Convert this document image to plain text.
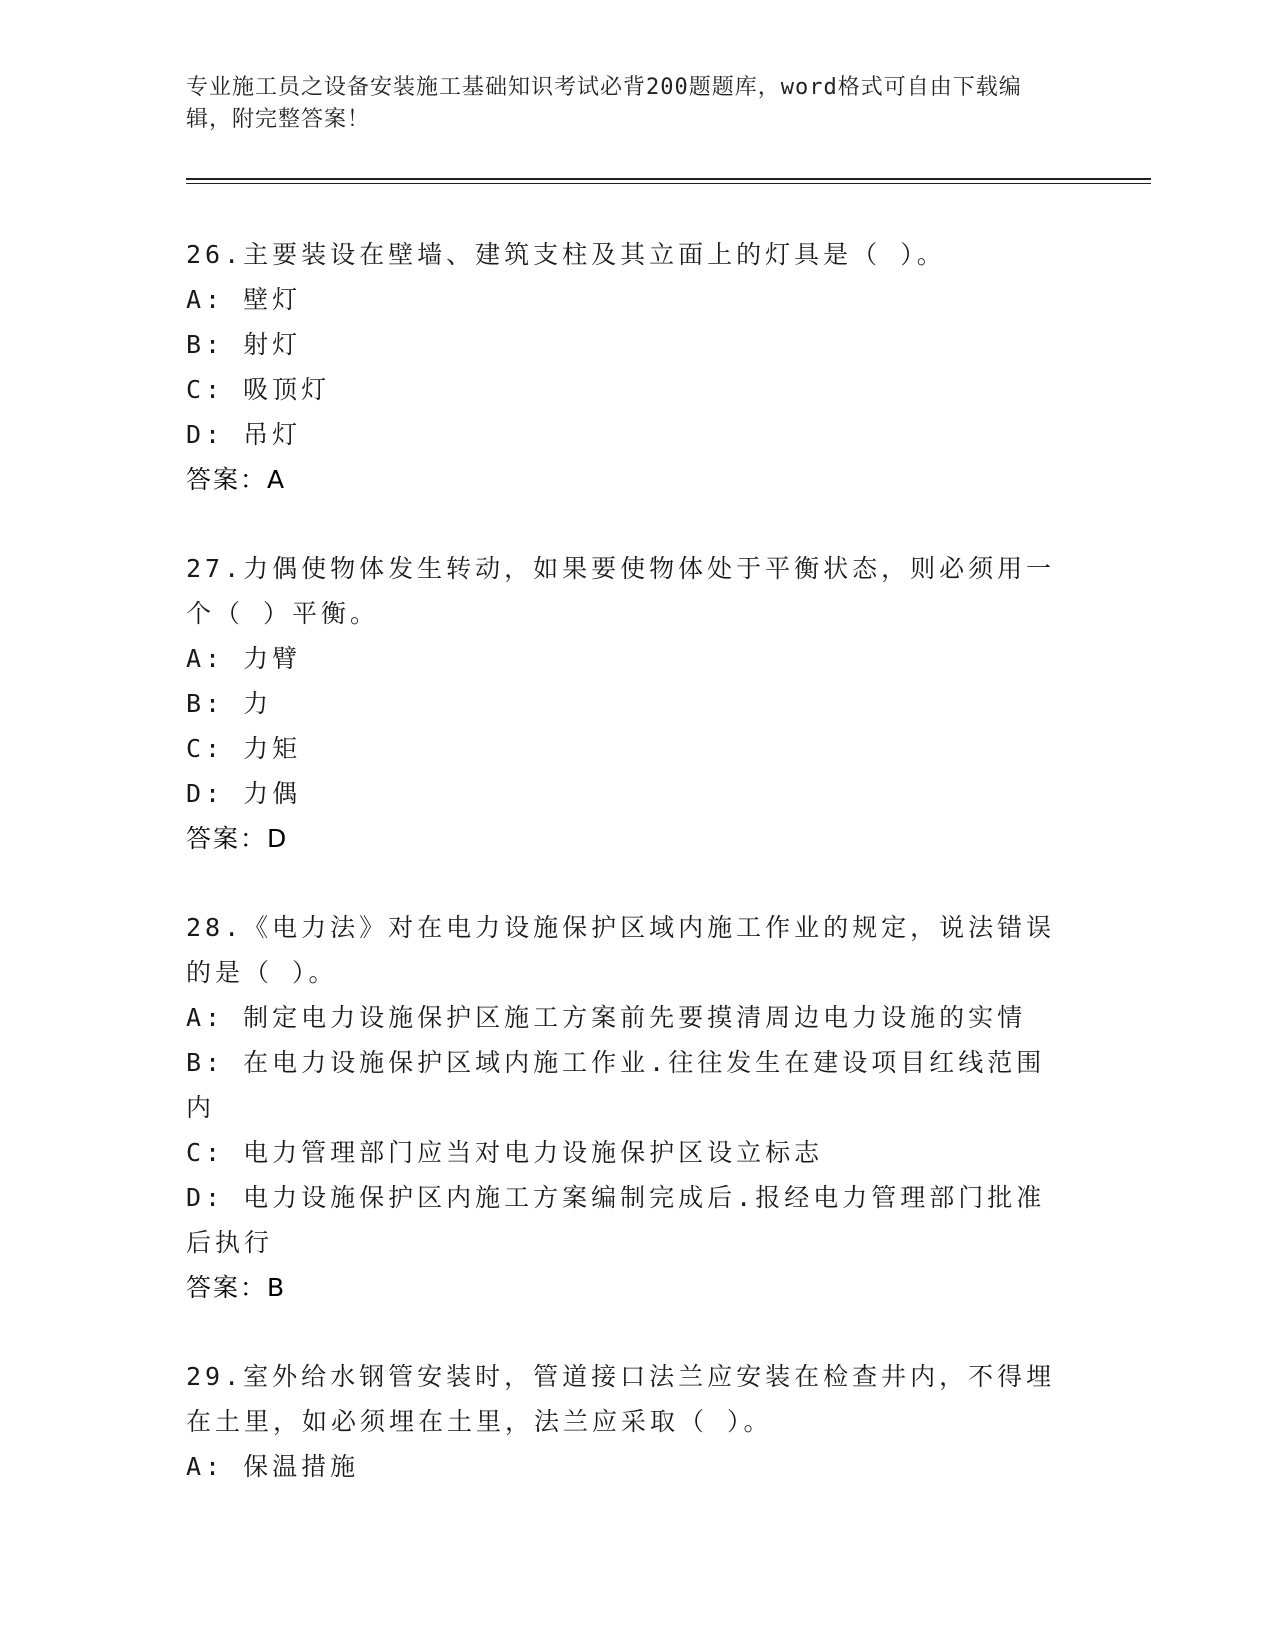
专业施工员之设备安装施工基础知识考试必背200题题库，word格式可自由下载编辑，附完整答案！
26.主要装设在壁墙、建筑支柱及其立面上的灯具是（ ）。
A: 壁灯
B: 射灯
C: 吸顶灯
D: 吊灯
答案：A
27.力偶使物体发生转动，如果要使物体处于平衡状态，则必须用一个（ ）平衡。
A: 力臂
B: 力
C: 力矩
D: 力偶
答案：D
28.《电力法》对在电力设施保护区域内施工作业的规定，说法错误的是（ ）。
A: 制定电力设施保护区施工方案前先要摸清周边电力设施的实情
B: 在电力设施保护区域内施工作业.往往发生在建设项目红线范围内
C: 电力管理部门应当对电力设施保护区设立标志
D: 电力设施保护区内施工方案编制完成后.报经电力管理部门批准后执行
答案：B
29.室外给水钢管安装时，管道接口法兰应安装在检查井内，不得埋在土里，如必须埋在土里，法兰应采取（ ）。
A: 保温措施
